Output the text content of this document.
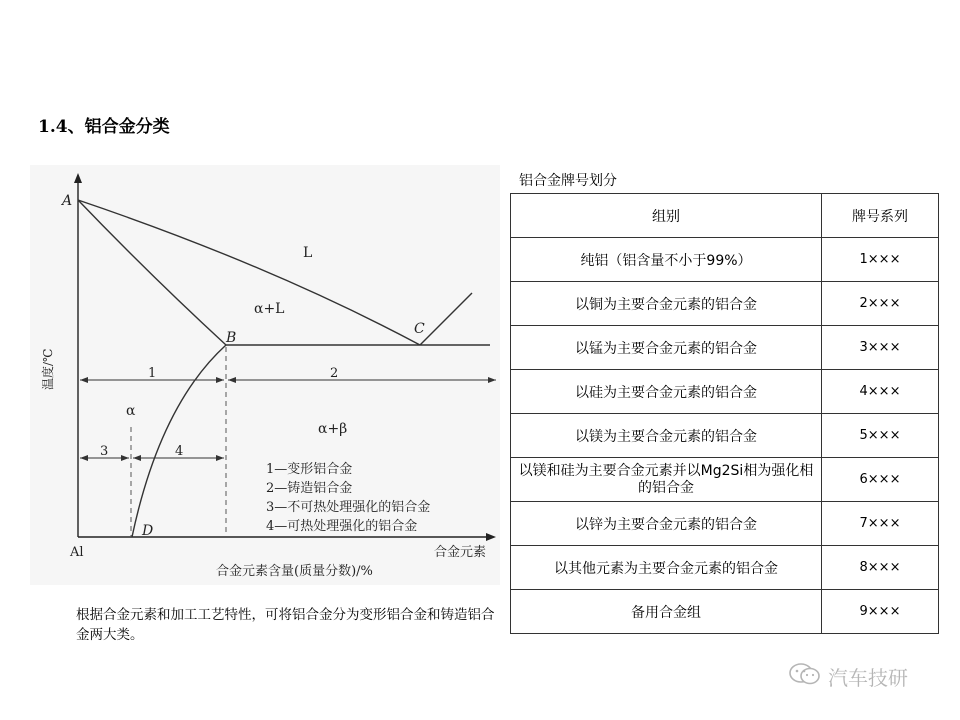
1.4、铝合金分类
A
B
C
D
L
α+L
α
α+β
1	2
3	4
1—变形铝合金
2—铸造铝合金
3—不可热处理强化的铝合金
4—可热处理强化的铝合金
温度/℃
Al	合金元素
合金元素含量(质量分数)/%
根据合金元素和加工工艺特性，可将铝合金分为变形铝合金和铸造铝合金两大类。
铝合金牌号划分
组别	牌号系列
纯铝（铝含量不小于99%）	1×××
以铜为主要合金元素的铝合金	2×××
以锰为主要合金元素的铝合金	3×××
以硅为主要合金元素的铝合金	4×××
以镁为主要合金元素的铝合金	5×××
以镁和硅为主要合金元素并以Mg2Si相为强化相的铝合金	6×××
以锌为主要合金元素的铝合金	7×××
以其他元素为主要合金元素的铝合金	8×××
备用合金组	9×××
汽车技研
